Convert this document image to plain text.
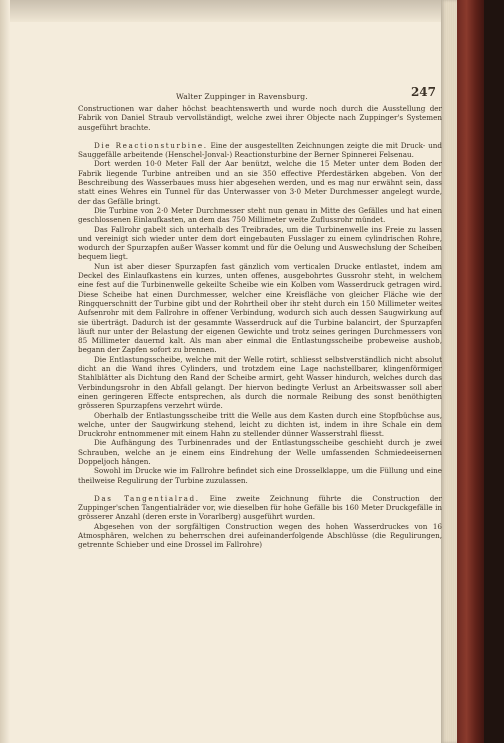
Walter Zuppinger in Ravensburg.	247

Constructionen war daher höchst beachtenswerth und wurde noch durch die Ausstellung der Fabrik von Daniel Straub vervollständigt, welche zwei ihrer Objecte nach Zuppinger's Systemen ausgeführt brachte.

Die Reactionsturbine. Eine der ausgestellten Zeichnungen zeigte die mit Druck- und Sauggefälle arbeitende (Henschel-Jonval-) Reactionsturbine der Berner Spinnerei Felsenau.

Dort werden 10·0 Meter Fall der Aar benützt, welche die 15 Meter unter dem Boden der Fabrik liegende Turbine antreiben und an sie 350 effective Pferdestärken abgeben. Von der Beschreibung des Wasserbaues muss hier abgesehen werden, und es mag nur erwähnt sein, dass statt eines Wehres ein Tunnel für das Unterwasser von 3·0 Meter Durchmesser angelegt wurde, der das Gefälle bringt.

Die Turbine von 2·0 Meter Durchmesser steht nun genau in Mitte des Gefälles und hat einen geschlossenen Einlaufkasten, an dem das 750 Millimeter weite Zuflussrohr mündet.

Das Fallrohr gabelt sich unterhalb des Treibrades, um die Turbinenwelle ins Freie zu lassen und vereinigt sich wieder unter dem dort eingebauten Fusslager zu einem cylindrischen Rohre, wodurch der Spurzapfen außer Wasser kommt und für die Oelung und Auswechslung der Scheiben bequem liegt.

Nun ist aber dieser Spurzapfen fast gänzlich vom verticalen Drucke entlastet, indem am Deckel des Einlaufkastens ein kurzes, unten offenes, ausgebohrtes Gussrohr steht, in welchem eine fest auf die Turbinenwelle gekeilte Scheibe wie ein Kolben vom Wasserdruck getragen wird. Diese Scheibe hat einen Durchmesser, welcher eine Kreisfläche von gleicher Fläche wie der Ringquerschnitt der Turbine gibt und der Rohrtheil ober ihr steht durch ein 150 Millimeter weites Aufsenrohr mit dem Fallrohre in offener Verbindung, wodurch sich auch dessen Saugwirkung auf sie überträgt. Dadurch ist der gesammte Wasserdruck auf die Turbine balancirt, der Spurzapfen läuft nur unter der Belastung der eigenen Gewichte und trotz seines geringen Durchmessers von 85 Millimeter dauernd kalt. Als man aber einmal die Entlastungsscheibe probeweise aushob, begann der Zapfen sofort zu brennen.

Die Entlastungsscheibe, welche mit der Welle rotirt, schliesst selbstverständlich nicht absolut dicht an die Wand ihres Cylinders, und trotzdem eine Lage nachstellbarer, klingenförmiger Stahlblätter als Dichtung den Rand der Scheibe armirt, geht Wasser hindurch, welches durch das Verbindungsrohr in den Abfall gelangt. Der hiervon bedingte Verlust an Arbeitswasser soll aber einen geringeren Effecte entsprechen, als durch die normale Reibung des sonst benöthigten grösseren Spurzapfens verzehrt würde.

Oberhalb der Entlastungsscheibe tritt die Welle aus dem Kasten durch eine Stopfbüchse aus, welche, unter der Saugwirkung stehend, leicht zu dichten ist, indem in ihre Schale ein dem Druckrohr entnommener mit einem Hahn zu stellender dünner Wasserstrahl fliesst.

Die Aufhängung des Turbinenrades und der Entlastungsscheibe geschieht durch je zwei Schrauben, welche an je einem eins Eindrehung der Welle umfassenden Schmiedeeisernen Doppeljoch hängen.

Sowohl im Drucke wie im Fallrohre befindet sich eine Drosselklappe, um die Füllung und eine theilweise Regulirung der Turbine zuzulassen.

Das Tangentialrad. Eine zweite Zeichnung führte die Construction der Zuppinger'schen Tangentialräder vor, wie dieselben für hohe Gefälle bis 160 Meter Druckgefälle in grösserer Anzahl (deren erste in Vorarlberg) ausgeführt wurden.

Abgesehen von der sorgfältigen Construction wegen des hohen Wasserdruckes von 16 Atmosphären, welchen zu beherrschen drei aufeinanderfolgende Abschlüsse (die Regulirungen, getrennte Schieber und eine Drossel im Fallrohre)
